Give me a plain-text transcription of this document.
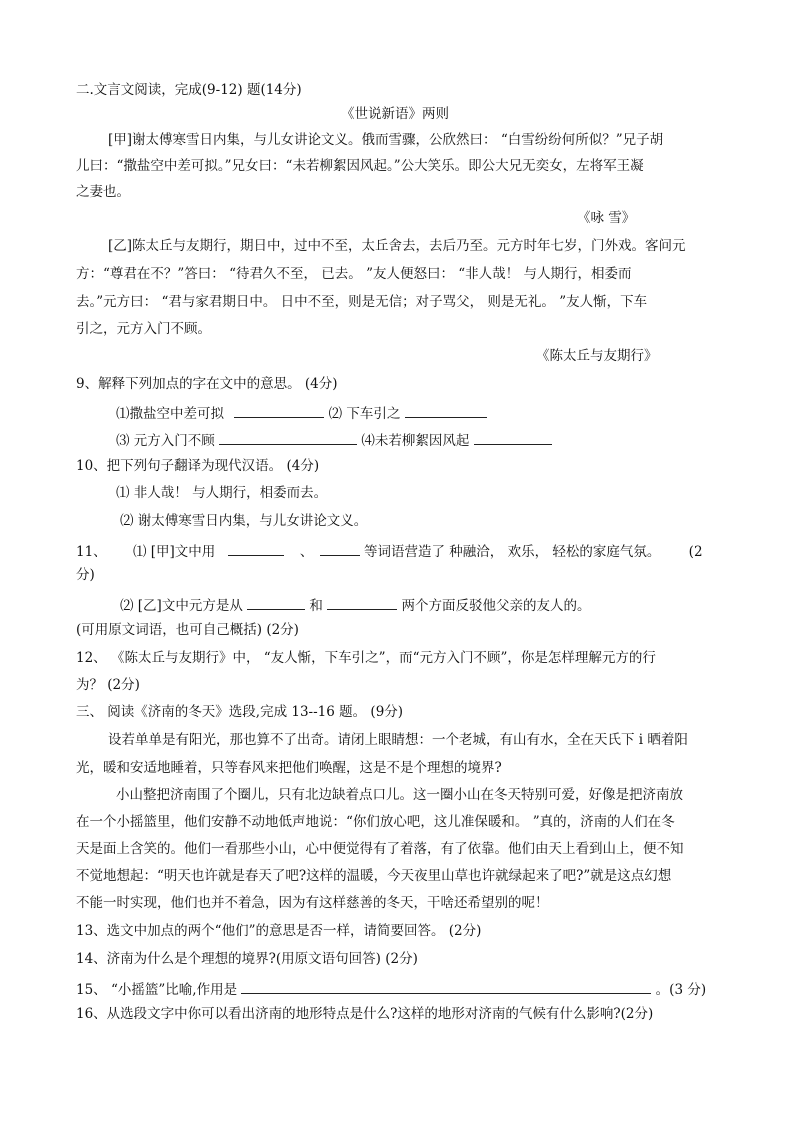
二.文言文阅读，完成(9-12) 题(14分)
《世说新语》两则
[甲]谢太傅寒雪日内集，与儿女讲论文义。俄而雪骤，公欣然曰： “白雪纷纷何所似？”兄子胡
儿曰：“撒盐空中差可拟。”兄女曰：“未若柳絮因风起。”公大笑乐。即公大兄无奕女，左将军王凝
之妻也。
《咏 雪》
[乙]陈太丘与友期行，期日中，过中不至，太丘舍去，去后乃至。元方时年七岁，门外戏。客问元
方：“尊君在不？”答曰： “待君久不至， 已去。 ”友人便怒曰： “非人哉！ 与人期行，相委而
去。”元方曰： “君与家君期日中。 日中不至，则是无信；对子骂父， 则是无礼。 ”友人惭，下车
引之，元方入门不顾。
《陈太丘与友期行》
9、解释下列加点的字在文中的意思。 (4分)
⑴撒盐空中差可拟	⑵ 下车引之
⑶ 元方入门不顾	⑷未若柳絮因风起
10、把下列句子翻译为现代汉语。 (4分)
⑴ 非人哉！ 与人期行，相委而去。
⑵ 谢太傅寒雪日内集，与儿女讲论文义。
11、 ⑴ [甲]文中用	、	等词语营造了 种融洽， 欢乐， 轻松的家庭气氛。 (2
分)
⑵ [乙]文中元方是从	和	两个方面反驳他父亲的友人的。
(可用原文词语，也可自己概括) (2分)
12、 《陈太丘与友期行》中， “友人惭，下车引之”，而“元方入门不顾”，你是怎样理解元方的行
为？ (2分)
三、 阅读《济南的冬天》选段,完成 13--16 题。 (9分)
设若单单是有阳光，那也算不了出奇。请闭上眼睛想：一个老城，有山有水，全在天氏下 i 晒着阳
光，暖和安适地睡着，只等春风来把他们唤醒，这是不是个理想的境界?
小山整把济南围了个圈儿，只有北边缺着点口儿。这一圈小山在冬天特别可爱，好像是把济南放
在一个小摇篮里，他们安静不动地低声地说：“你们放心吧，这儿准保暖和。 ”真的，济南的人们在冬
天是面上含笑的。他们一看那些小山，心中便觉得有了着落，有了依靠。他们由天上看到山上，便不知
不觉地想起：“明天也许就是春天了吧?这样的温暖，今天夜里山草也许就绿起来了吧?”就是这点幻想
不能一时实现，他们也并不着急，因为有这样慈善的冬天，干啥还希望别的呢！
13、选文中加点的两个“他们”的意思是否一样，请简要回答。 (2分)
14、济南为什么是个理想的境界?(用原文语句回答) (2分)
15、 “小摇篮”比喻,作用是	。(3 分)
16、从选段文字中你可以看出济南的地形特点是什么?这样的地形对济南的气候有什么影响?(2分)
